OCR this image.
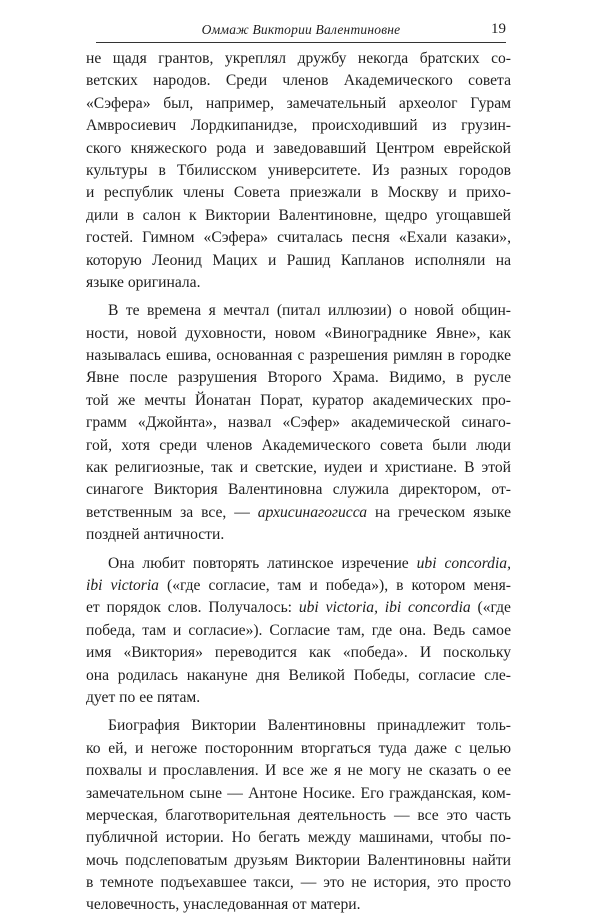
Оммаж Виктории Валентиновне	19
не щадя грантов, укреплял дружбу некогда братских со-
ветских народов. Среди членов Академического совета
«Сэфера» был, например, замечательный археолог Гурам
Амвросиевич Лордкипанидзе, происходивший из грузин-
ского княжеского рода и заведовавший Центром еврейской
культуры в Тбилисском университете. Из разных городов
и республик члены Совета приезжали в Москву и прихо-
дили в салон к Виктории Валентиновне, щедро угощавшей
гостей. Гимном «Сэфера» считалась песня «Ехали казаки»,
которую Леонид Мацих и Рашид Капланов исполняли на
языке оригинала.
В те времена я мечтал (питал иллюзии) о новой общин-
ности, новой духовности, новом «Винограднике Явне», как
называлась ешива, основанная с разрешения римлян в городке
Явне после разрушения Второго Храма. Видимо, в русле
той же мечты Йонатан Порат, куратор академических про-
грамм «Джойнта», назвал «Сэфер» академической синаго-
гой, хотя среди членов Академического совета были люди
как религиозные, так и светские, иудеи и христиане. В этой
синагоге Виктория Валентиновна служила директором, от-
ветственным за все, — архисинагогисса на греческом языке
поздней античности.
Она любит повторять латинское изречение ubi concordia,
ibi victoria («где согласие, там и победа»), в котором меня-
ет порядок слов. Получалось: ubi victoria, ibi concordia («где
победа, там и согласие»). Согласие там, где она. Ведь самое
имя «Виктория» переводится как «победа». И поскольку
она родилась накануне дня Великой Победы, согласие сле-
дует по ее пятам.
Биография Виктории Валентиновны принадлежит толь-
ко ей, и негоже посторонним вторгаться туда даже с целью
похвалы и прославления. И все же я не могу не сказать о ее
замечательном сыне — Антоне Носике. Его гражданская, ком-
мерческая, благотворительная деятельность — все это часть
публичной истории. Но бегать между машинами, чтобы по-
мочь подслеповатым друзьям Виктории Валентиновны найти
в темноте подъехавшее такси, — это не история, это просто
человечность, унаследованная от матери.
